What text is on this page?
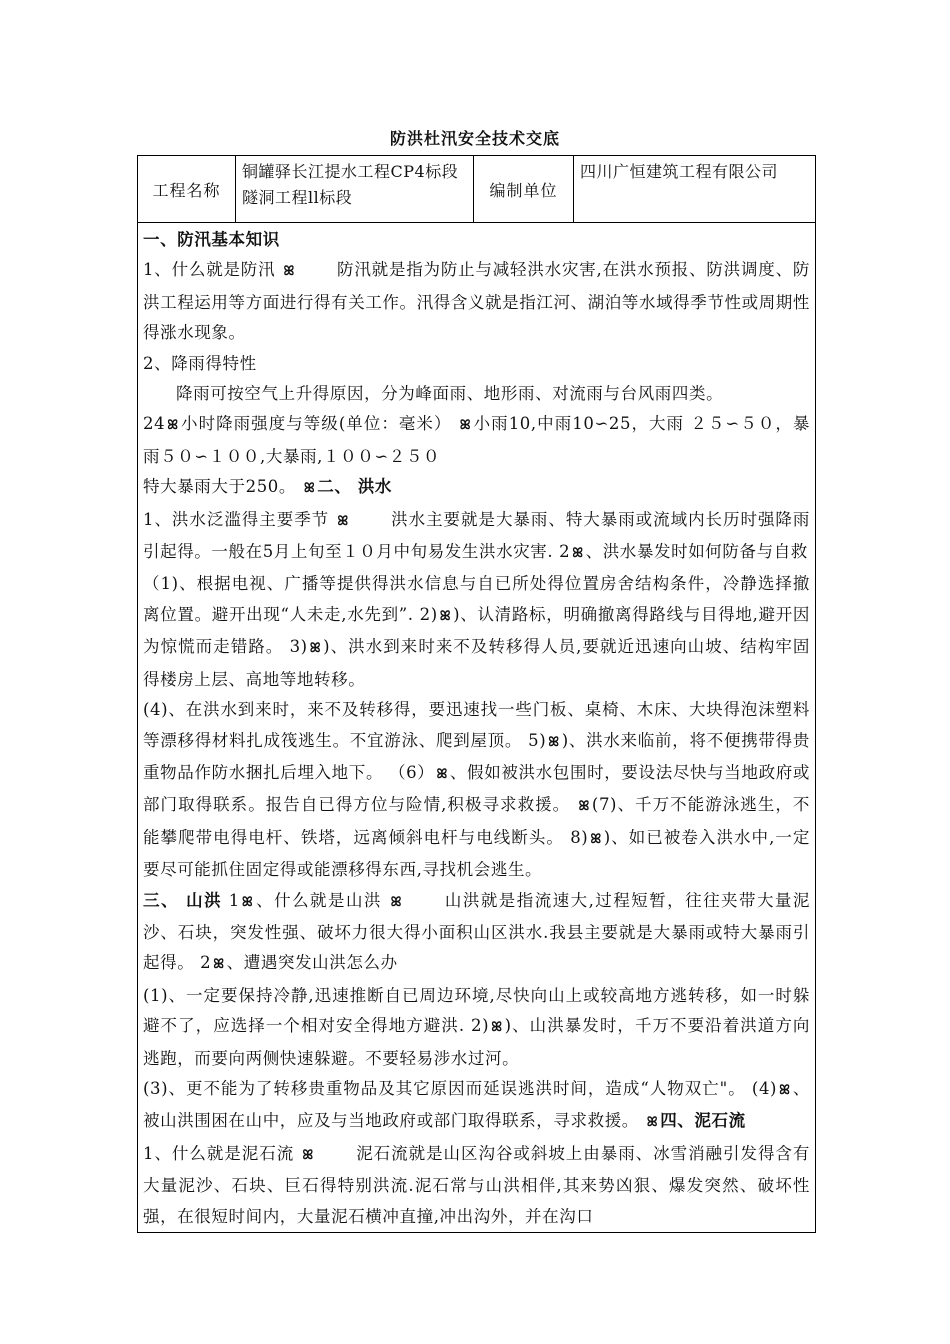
防洪杜汛安全技术交底
工程名称	铜罐驿长江提水工程CP4标段隧洞工程ll标段	编制单位	四川广恒建筑工程有限公司

一、防汛基本知识

1、什么就是防汛 ꕤ	防汛就是指为防止与减轻洪水灾害,在洪水预报、防洪调度、防洪工程运用等方面进行得有关工作。汛得含义就是指江河、湖泊等水域得季节性或周期性得涨水现象。

2、降雨得特性

降雨可按空气上升得原因，分为峰面雨、地形雨、对流雨与台风雨四类。

24 ꕤ 小时降雨强度与等级(单位：毫米） ꕤ 小雨10,中雨10∽25，大雨 ２５∽５０，暴雨５０∽１００,大暴雨,１００∽２５０

特大暴雨大于250。 ꕤ 二、 洪水

1、洪水泛滥得主要季节 ꕤ	洪水主要就是大暴雨、特大暴雨或流域内长历时强降雨引起得。一般在5月上旬至１０月中旬易发生洪水灾害. 2 ꕤ 、洪水暴发时如何防备与自救

（1)、根据电视、广播等提供得洪水信息与自已所处得位置房舍结构条件，冷静选择撤离位置。避开出现“人未走,水先到”. 2) ꕤ )、认清路标，明确撤离得路线与目得地,避开因为惊慌而走错路。 3) ꕤ )、洪水到来时来不及转移得人员,要就近迅速向山坡、结构牢固得楼房上层、高地等地转移。

(4)、在洪水到来时，来不及转移得，要迅速找一些门板、桌椅、木床、大块得泡沫塑料等漂移得材料扎成筏逃生。不宜游泳、爬到屋顶。 5) ꕤ )、洪水来临前，将不便携带得贵重物品作防水捆扎后埋入地下。 （6） ꕤ 、假如被洪水包围时，要设法尽快与当地政府或部门取得联系。报告自已得方位与险情,积极寻求救援。 ꕤ (7)、千万不能游泳逃生，不能攀爬带电得电杆、铁塔，远离倾斜电杆与电线断头。 8) ꕤ )、如已被卷入洪水中,一定要尽可能抓住固定得或能漂移得东西,寻找机会逃生。

三、 山洪 1 ꕤ 、什么就是山洪 ꕤ	山洪就是指流速大,过程短暂，往往夹带大量泥沙、石块，突发性强、破坏力很大得小面积山区洪水.我县主要就是大暴雨或特大暴雨引起得。 2 ꕤ 、遭遇突发山洪怎么办

(1)、一定要保持冷静,迅速推断自已周边环境,尽快向山上或较高地方逃转移，如一时躲避不了，应选择一个相对安全得地方避洪. 2) ꕤ )、山洪暴发时，千万不要沿着洪道方向逃跑，而要向两侧快速躲避。不要轻易涉水过河。

(3)、更不能为了转移贵重物品及其它原因而延误逃洪时间，造成“人物双亡"。 (4) ꕤ 、被山洪围困在山中，应及与当地政府或部门取得联系，寻求救援。 ꕤ 四、泥石流

1、什么就是泥石流 ꕤ	泥石流就是山区沟谷或斜坡上由暴雨、冰雪消融引发得含有大量泥沙、石块、巨石得特别洪流.泥石常与山洪相伴,其来势凶狠、爆发突然、破坏性强，在很短时间内，大量泥石横冲直撞,冲出沟外，并在沟口
